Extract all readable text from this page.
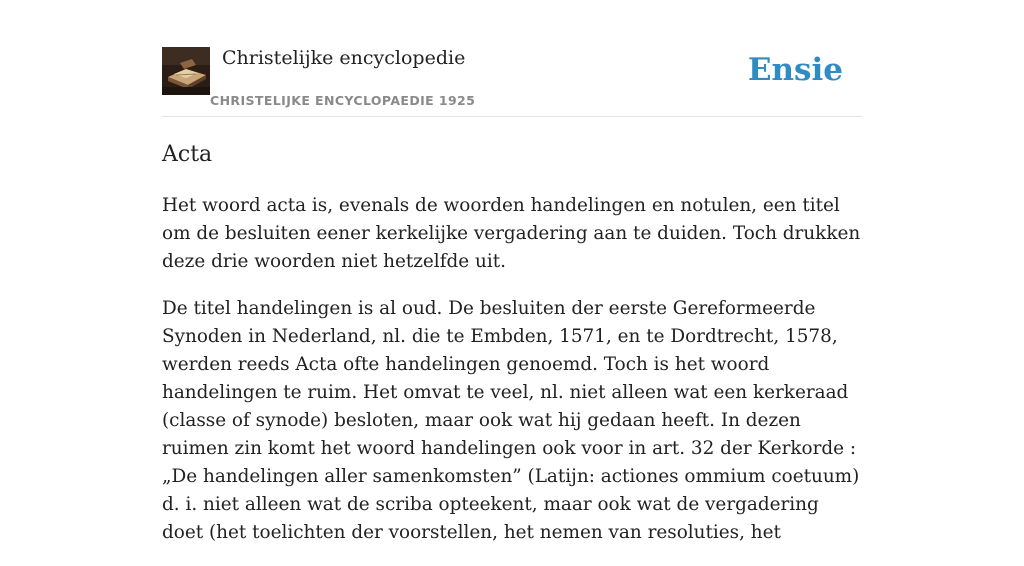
Christelijke encyclopedie
CHRISTELIJKE ENCYCLOPAEDIE 1925
Ensie
Acta

Het woord acta is, evenals de woorden handelingen en notulen, een titel om de besluiten eener kerkelijke vergadering aan te duiden. Toch drukken deze drie woorden niet hetzelfde uit.

De titel handelingen is al oud. De besluiten der eerste Gereformeerde Synoden in Nederland, nl. die te Embden, 1571, en te Dordtrecht, 1578, werden reeds Acta ofte handelingen genoemd. Toch is het woord handelingen te ruim. Het omvat te veel, nl. niet alleen wat een kerkeraad (classe of synode) besloten, maar ook wat hij gedaan heeft. In dezen ruimen zin komt het woord handelingen ook voor in art. 32 der Kerkorde : „De handelingen aller samenkomsten” (Latijn: actiones ommium coetuum) d. i. niet alleen wat de scriba opteekent, maar ook wat de vergadering doet (het toelichten der voorstellen, het nemen van resoluties, het
